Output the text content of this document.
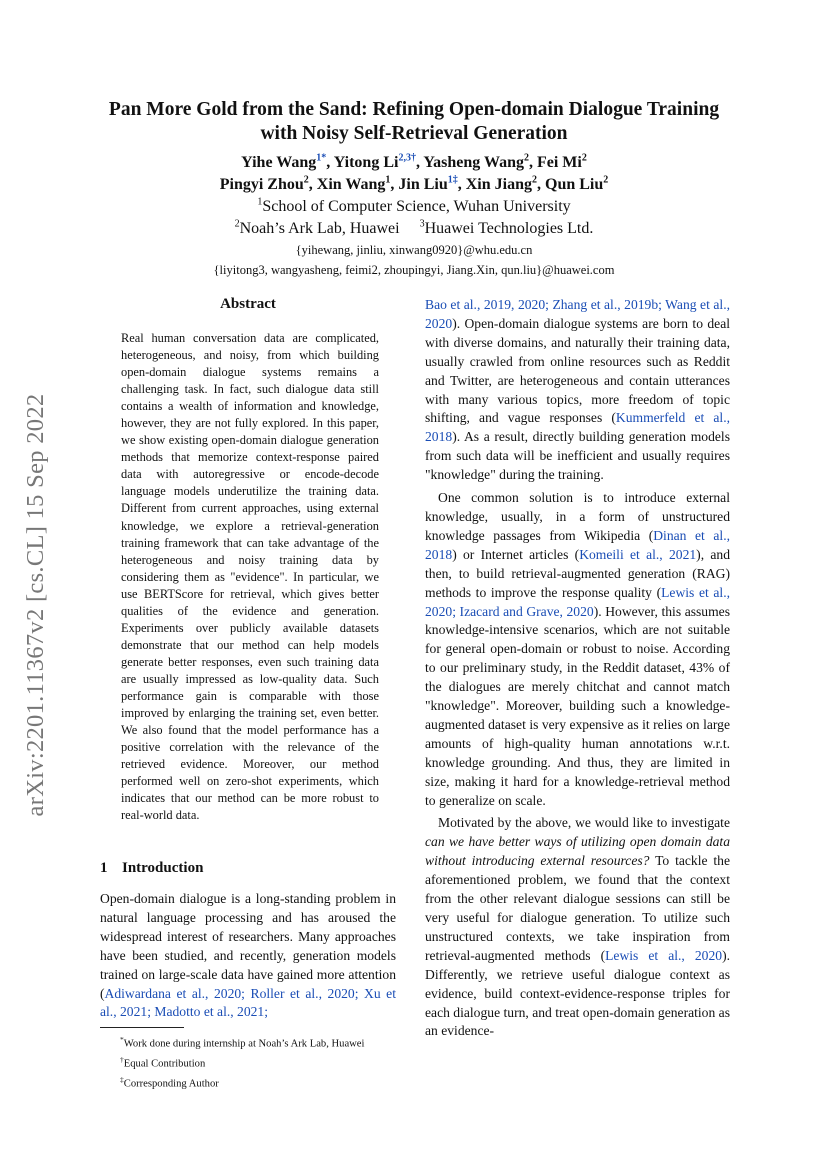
arXiv:2201.11367v2 [cs.CL] 15 Sep 2022
Pan More Gold from the Sand: Refining Open-domain Dialogue Training
with Noisy Self-Retrieval Generation
Yihe Wang$^{1*}$, Yitong $Li^{2,3\dagger}$, Yasheng Wang$^2$, Fei Mi$^2$
Pingyi Zhou$^2$, Xin Wang$^1$, Jin Liu$^{1\ddagger}$, Xin Jiang$^2$, Qun Liu$^2$
$^1$School of Computer Science, Wuhan University
$^2$Noah’s Ark Lab, Huawei $^3$Huawei Technologies Ltd.
{yihewang, jinliu, xinwang0920}@whu.edu.cn
{liyitong3, wangyasheng, feimi2, zhoupingyi, Jiang.Xin, qun.liu}@huawei.com
Abstract

Real human conversation data are complicated, heterogeneous, and noisy, from which building open-domain dialogue systems remains a challenging task. In fact, such dialogue data still contains a wealth of information and knowledge, however, they are not fully explored. In this paper, we show existing open-domain dialogue generation methods that memorize context-response paired data with autoregressive or encode-decode language models underutilize the training data. Different from current approaches, using external knowledge, we explore a retrieval-generation training framework that can take advantage of the heterogeneous and noisy training data by considering them as "evidence". In particular, we use BERTScore for retrieval, which gives better qualities of the evidence and generation. Experiments over publicly available datasets demonstrate that our method can help models generate better responses, even such training data are usually impressed as low-quality data. Such performance gain is comparable with those improved by enlarging the training set, even better. We also found that the model performance has a positive correlation with the relevance of the retrieved evidence. Moreover, our method performed well on zero-shot experiments, which indicates that our method can be more robust to real-world data.

1 Introduction

Open-domain dialogue is a long-standing problem in natural language processing and has aroused the widespread interest of researchers. Many approaches have been studied, and recently, generation models trained on large-scale data have gained more attention (Adiwardana et al., 2020; Roller et al., 2020; Xu et al., 2021; Madotto et al., 2021;

*Work done during internship at Noah’s Ark Lab, Huawei
†Equal Contribution
‡Corresponding Author

Bao et al., 2019, 2020; Zhang et al., 2019b; Wang et al., 2020). Open-domain dialogue systems are born to deal with diverse domains, and naturally their training data, usually crawled from online resources such as Reddit and Twitter, are heterogeneous and contain utterances with many various topics, more freedom of topic shifting, and vague responses (Kummerfeld et al., 2018). As a result, directly building generation models from such data will be inefficient and usually requires "knowledge" during the training.

One common solution is to introduce external knowledge, usually, in a form of unstructured knowledge passages from Wikipedia (Dinan et al., 2018) or Internet articles (Komeili et al., 2021), and then, to build retrieval-augmented generation (RAG) methods to improve the response quality (Lewis et al., 2020; Izacard and Grave, 2020). However, this assumes knowledge-intensive scenarios, which are not suitable for general open-domain or robust to noise. According to our preliminary study, in the Reddit dataset, 43% of the dialogues are merely chitchat and cannot match "knowledge". Moreover, building such a knowledge-augmented dataset is very expensive as it relies on large amounts of high-quality human annotations w.r.t. knowledge grounding. And thus, they are limited in size, making it hard for a knowledge-retrieval method to generalize on scale.

Motivated by the above, we would like to investigate can we have better ways of utilizing open domain data without introducing external resources? To tackle the aforementioned problem, we found that the context from the other relevant dialogue sessions can still be very useful for dialogue generation. To utilize such unstructured contexts, we take inspiration from retrieval-augmented methods (Lewis et al., 2020). Differently, we retrieve useful dialogue context as evidence, build context-evidence-response triples for each dialogue turn, and treat open-domain generation as an evidence-
